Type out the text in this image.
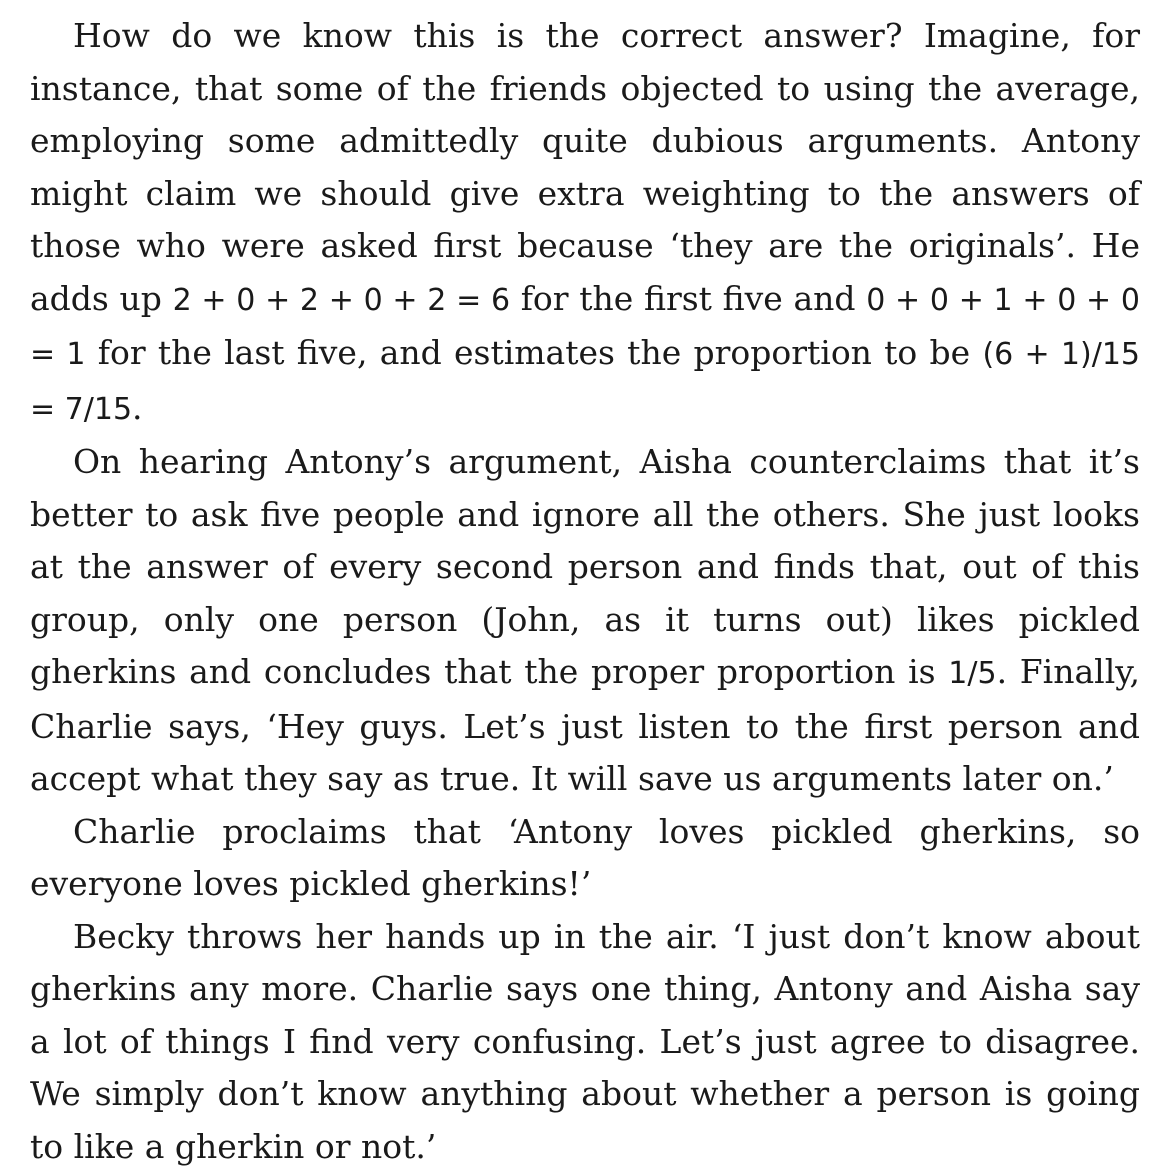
How do we know this is the correct answer? Imagine, for instance, that some of the friends objected to using the average, employing some admittedly quite dubious arguments. Antony might claim we should give extra weighting to the answers of those who were asked first because ‘they are the originals’. He adds up 2 + 0 + 2 + 0 + 2 = 6 for the first five and 0 + 0 + 1 + 0 + 0 = 1 for the last five, and estimates the proportion to be (6 + 1)/15 = 7/15.

On hearing Antony’s argument, Aisha counterclaims that it’s better to ask five people and ignore all the others. She just looks at the answer of every second person and finds that, out of this group, only one person (John, as it turns out) likes pickled gherkins and concludes that the proper proportion is 1/5. Finally, Charlie says, ‘Hey guys. Let’s just listen to the first person and accept what they say as true. It will save us arguments later on.’

Charlie proclaims that ‘Antony loves pickled gherkins, so everyone loves pickled gherkins!’

Becky throws her hands up in the air. ‘I just don’t know about gherkins any more. Charlie says one thing, Antony and Aisha say a lot of things I find very confusing. Let’s just agree to disagree. We simply don’t know anything about whether a person is going to like a gherkin or not.’
